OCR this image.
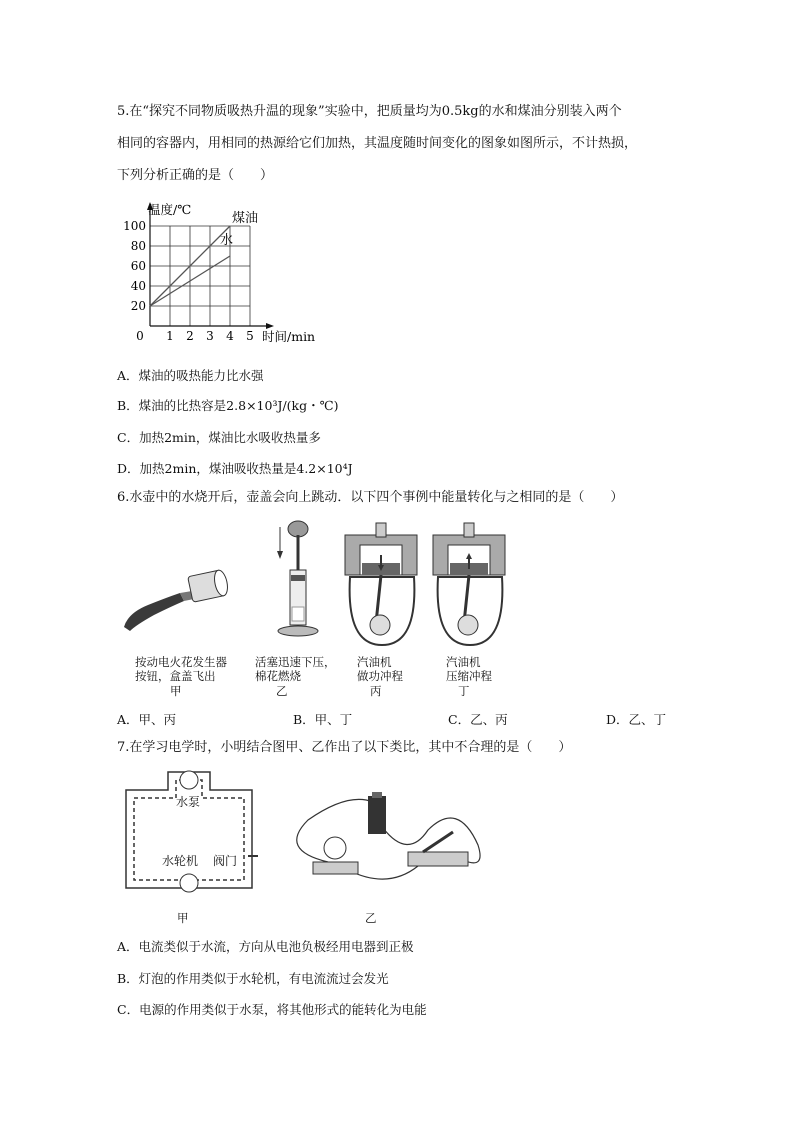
5.在“探究不同物质吸热升温的现象”实验中，把质量均为0.5kg的水和煤油分别装入两个
相同的容器内，用相同的热源给它们加热，其温度随时间变化的图象如图所示，不计热损，
下列分析正确的是（　　）
0 1 2 3 4 5
20
40
60
80
100
温度/℃
时间/min
煤油
水
A．煤油的吸热能力比水强
B．煤油的比热容是2.8×10³J/(kg・℃)
C．加热2min，煤油比水吸收热量多
D．加热2min，煤油吸收热量是4.2×10⁴J
6.水壶中的水烧开后，壶盖会向上跳动．以下四个事例中能量转化与之相同的是（　　）
按动电火花发生器
按钮，盒盖飞出
甲
活塞迅速下压，
棉花燃烧
乙
汽油机
做功冲程
丙
汽油机
压缩冲程
丁
A．甲、丙	B．甲、丁	C．乙、丙	D．乙、丁
7.在学习电学时，小明结合图甲、乙作出了以下类比，其中不合理的是（　　）
水泵
水轮机 阀门
甲	乙
A．电流类似于水流，方向从电池负极经用电器到正极
B．灯泡的作用类似于水轮机，有电流流过会发光
C．电源的作用类似于水泵，将其他形式的能转化为电能
